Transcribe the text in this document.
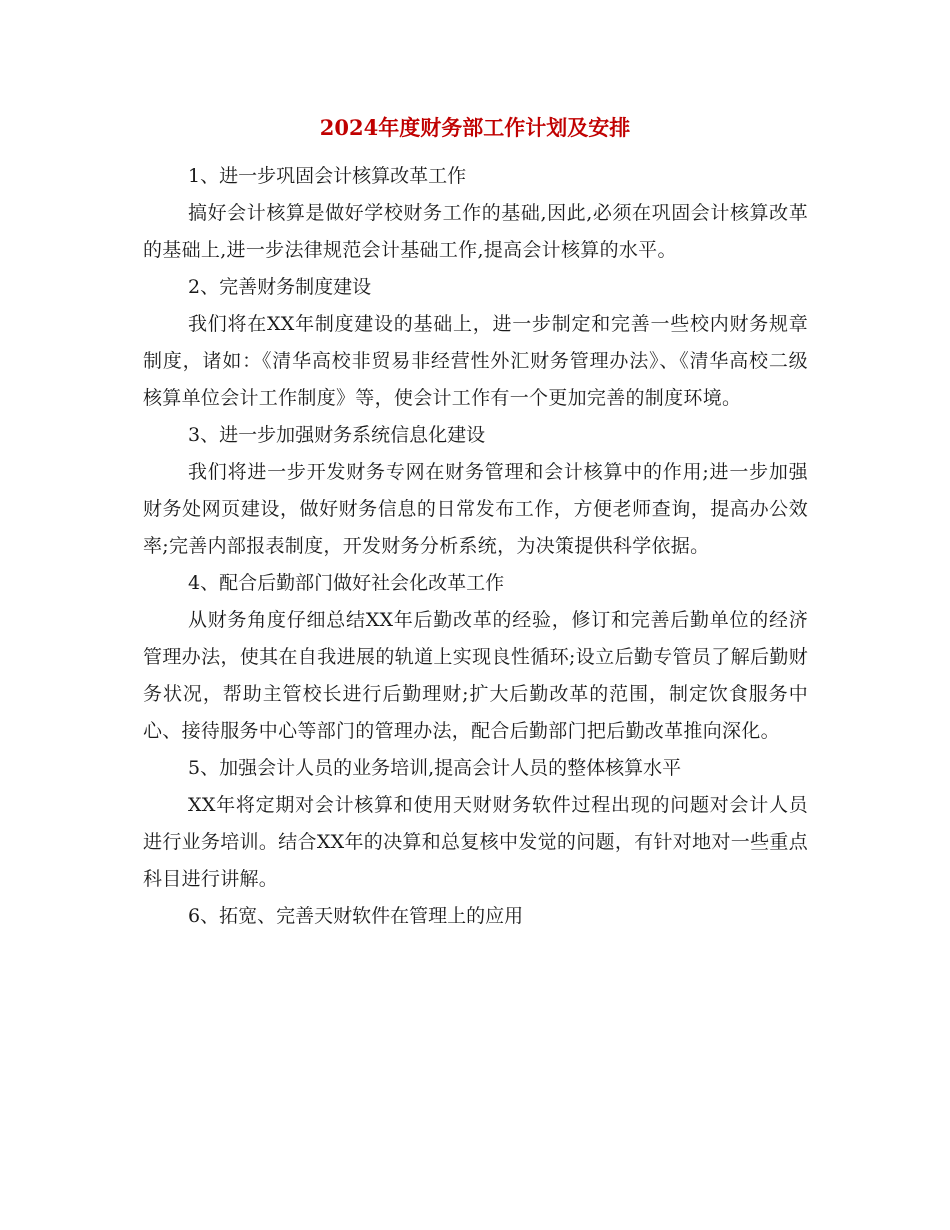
2024年度财务部工作计划及安排

1、进一步巩固会计核算改革工作

搞好会计核算是做好学校财务工作的基础,因此,必须在巩固会计核算改革的基础上,进一步法律规范会计基础工作,提高会计核算的水平。

2、完善财务制度建设

我们将在XX年制度建设的基础上，进一步制定和完善一些校内财务规章制度，诸如：《清华高校非贸易非经营性外汇财务管理办法》、《清华高校二级核算单位会计工作制度》等，使会计工作有一个更加完善的制度环境。

3、进一步加强财务系统信息化建设

我们将进一步开发财务专网在财务管理和会计核算中的作用;进一步加强财务处网页建设，做好财务信息的日常发布工作，方便老师查询，提高办公效率;完善内部报表制度，开发财务分析系统，为决策提供科学依据。

4、配合后勤部门做好社会化改革工作

从财务角度仔细总结XX年后勤改革的经验，修订和完善后勤单位的经济管理办法，使其在自我进展的轨道上实现良性循环;设立后勤专管员了解后勤财务状况，帮助主管校长进行后勤理财;扩大后勤改革的范围，制定饮食服务中心、接待服务中心等部门的管理办法，配合后勤部门把后勤改革推向深化。

5、加强会计人员的业务培训,提高会计人员的整体核算水平

XX年将定期对会计核算和使用天财财务软件过程出现的问题对会计人员进行业务培训。结合XX年的决算和总复核中发觉的问题，有针对地对一些重点科目进行讲解。

6、拓宽、完善天财软件在管理上的应用
